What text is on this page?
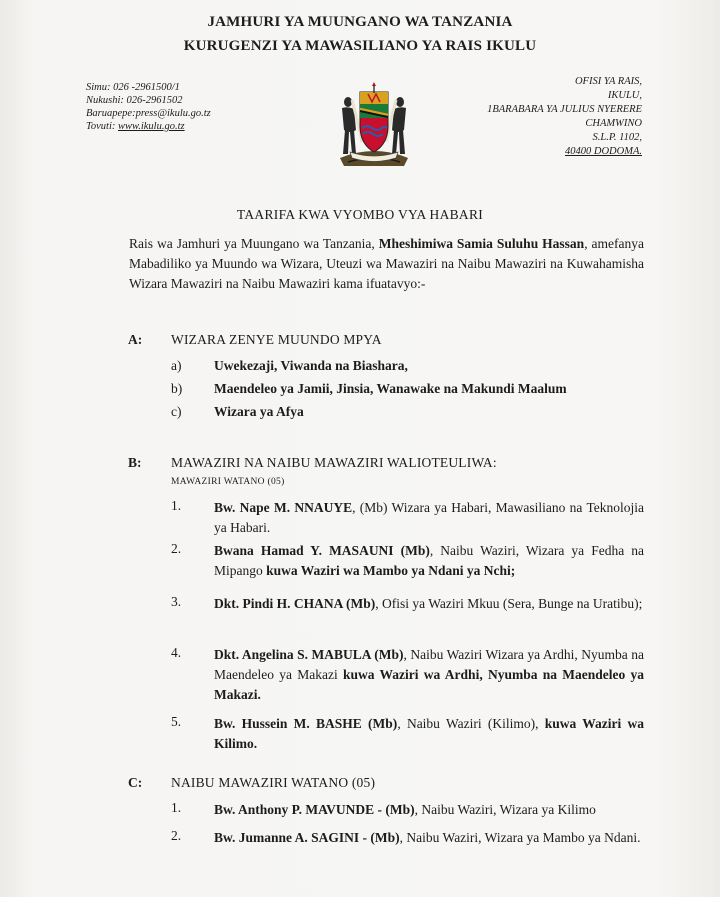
JAMHURI YA MUUNGANO WA TANZANIA
KURUGENZI YA MAWASILIANO YA RAIS IKULU
Simu: 026 -2961500/1
Nukushi: 026-2961502
Baruapepe:press@ikulu.go.tz
Tovuti: www.ikulu.go.tz
OFISI YA RAIS,
IKULU,
1BARABARA YA JULIUS NYERERE
CHAMWINO
S.L.P. 1102,
40400 DODOMA.
TAARIFA KWA VYOMBO VYA HABARI
Rais wa Jamhuri ya Muungano wa Tanzania, Mheshimiwa Samia Suluhu Hassan, amefanya Mabadiliko ya Muundo wa Wizara, Uteuzi wa Mawaziri na Naibu Mawaziri na Kuwahamisha Wizara Mawaziri na Naibu Mawaziri kama ifuatavyo:-
A: WIZARA ZENYE MUUNDO MPYA
a) Uwekezaji, Viwanda na Biashara,
b) Maendeleo ya Jamii, Jinsia, Wanawake na Makundi Maalum
c) Wizara ya Afya
B: MAWAZIRI NA NAIBU MAWAZIRI WALIOTEULIWA:
MAWAZIRI WATANO (05)
1. Bw. Nape M. NNAUYE, (Mb) Wizara ya Habari, Mawasiliano na Teknolojia ya Habari.
2. Bwana Hamad Y. MASAUNI (Mb), Naibu Waziri, Wizara ya Fedha na Mipango kuwa Waziri wa Mambo ya Ndani ya Nchi;
3. Dkt. Pindi H. CHANA (Mb), Ofisi ya Waziri Mkuu (Sera, Bunge na Uratibu);
4. Dkt. Angelina S. MABULA (Mb), Naibu Waziri Wizara ya Ardhi, Nyumba na Maendeleo ya Makazi kuwa Waziri wa Ardhi, Nyumba na Maendeleo ya Makazi.
5. Bw. Hussein M. BASHE (Mb), Naibu Waziri (Kilimo), kuwa Waziri wa Kilimo.
C: NAIBU MAWAZIRI WATANO (05)
1. Bw. Anthony P. MAVUNDE - (Mb), Naibu Waziri, Wizara ya Kilimo
2. Bw. Jumanne A. SAGINI - (Mb), Naibu Waziri, Wizara ya Mambo ya Ndani.
